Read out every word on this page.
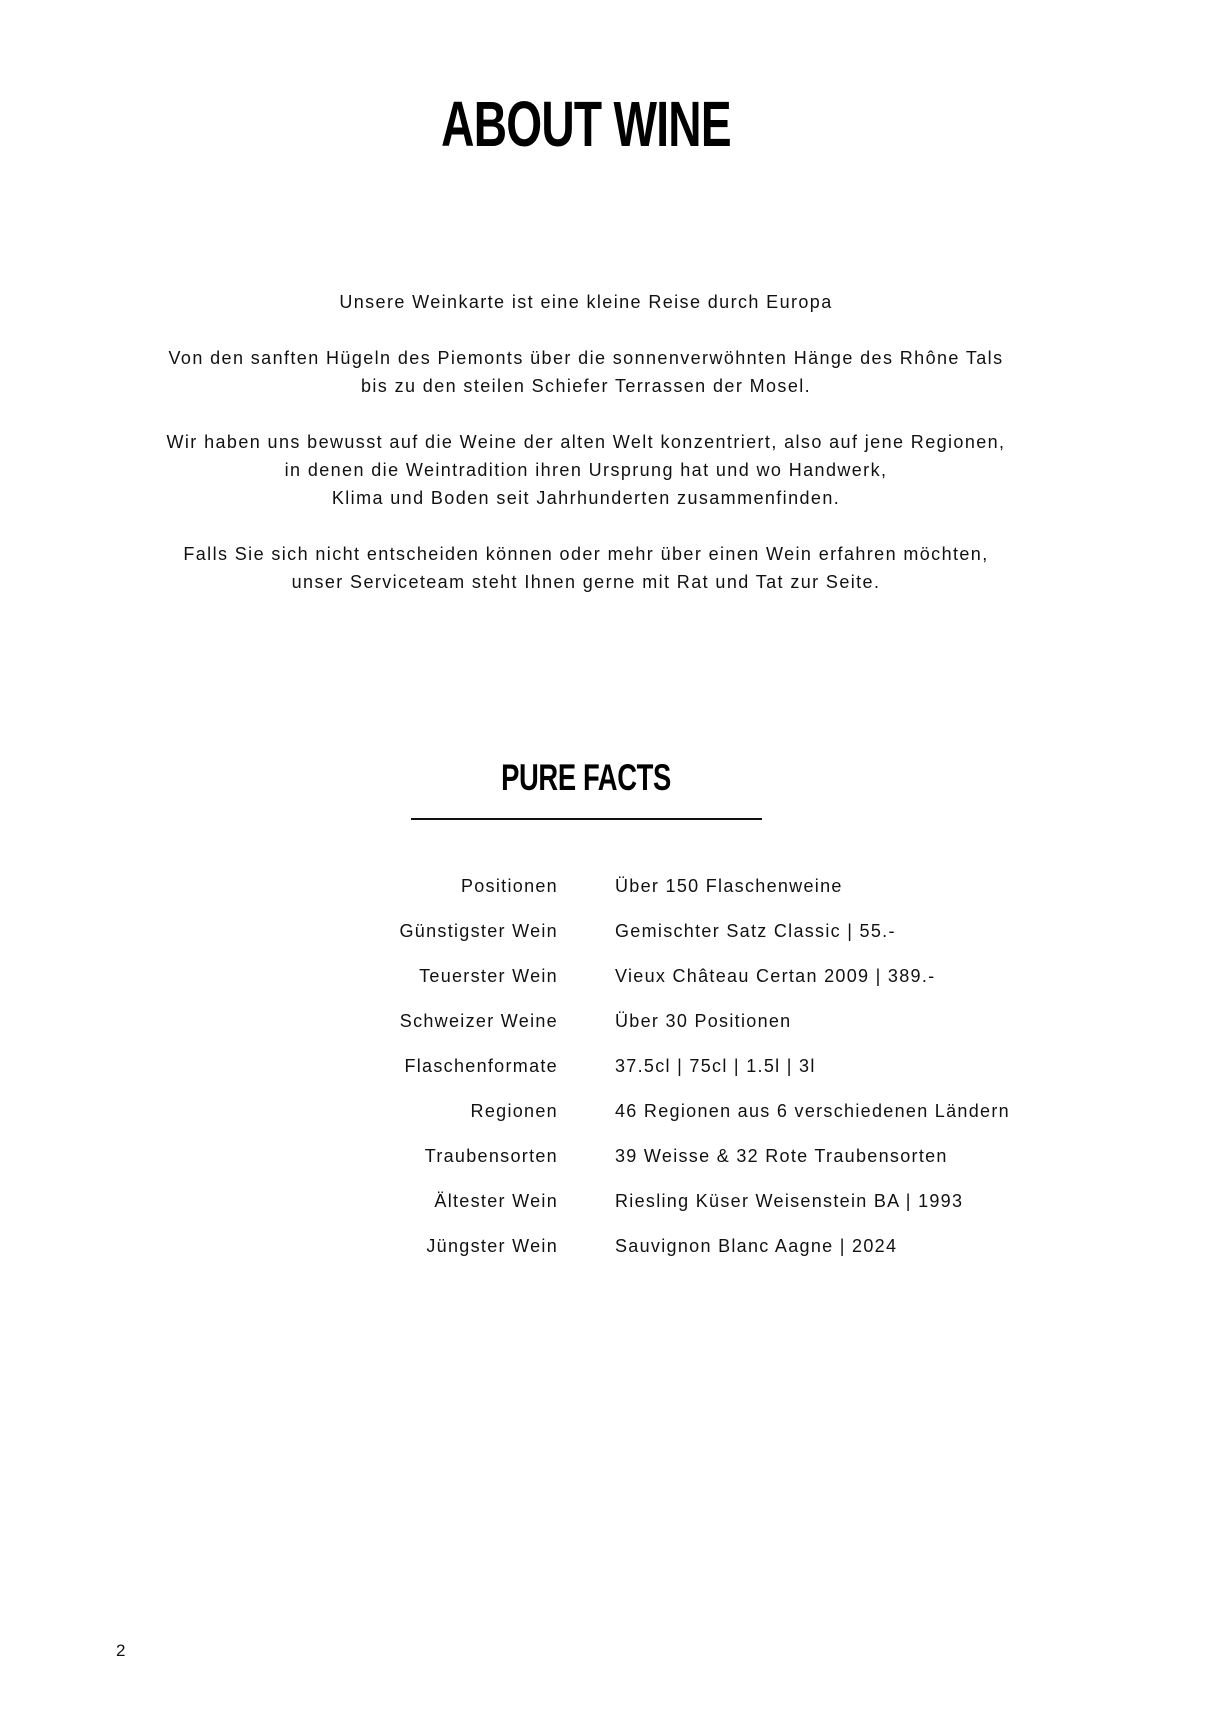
ABOUT WINE

Unsere Weinkarte ist eine kleine Reise durch Europa

Von den sanften Hügeln des Piemonts über die sonnenverwöhnten Hänge des Rhône Tals
bis zu den steilen Schiefer Terrassen der Mosel.

Wir haben uns bewusst auf die Weine der alten Welt konzentriert, also auf jene Regionen,
in denen die Weintradition ihren Ursprung hat und wo Handwerk,
Klima und Boden seit Jahrhunderten zusammenfinden.

Falls Sie sich nicht entscheiden können oder mehr über einen Wein erfahren möchten,
unser Serviceteam steht Ihnen gerne mit Rat und Tat zur Seite.

PURE FACTS
Positionen	Über 150 Flaschenweine
Günstigster Wein	Gemischter Satz Classic | 55.-
Teuerster Wein	Vieux Château Certan 2009 | 389.-
Schweizer Weine	Über 30 Positionen
Flaschenformate	37.5cl | 75cl | 1.5l | 3l
Regionen	46 Regionen aus 6 verschiedenen Ländern
Traubensorten	39 Weisse & 32 Rote Traubensorten
Ältester Wein	Riesling Küser Weisenstein BA | 1993
Jüngster Wein	Sauvignon Blanc Aagne | 2024
2
